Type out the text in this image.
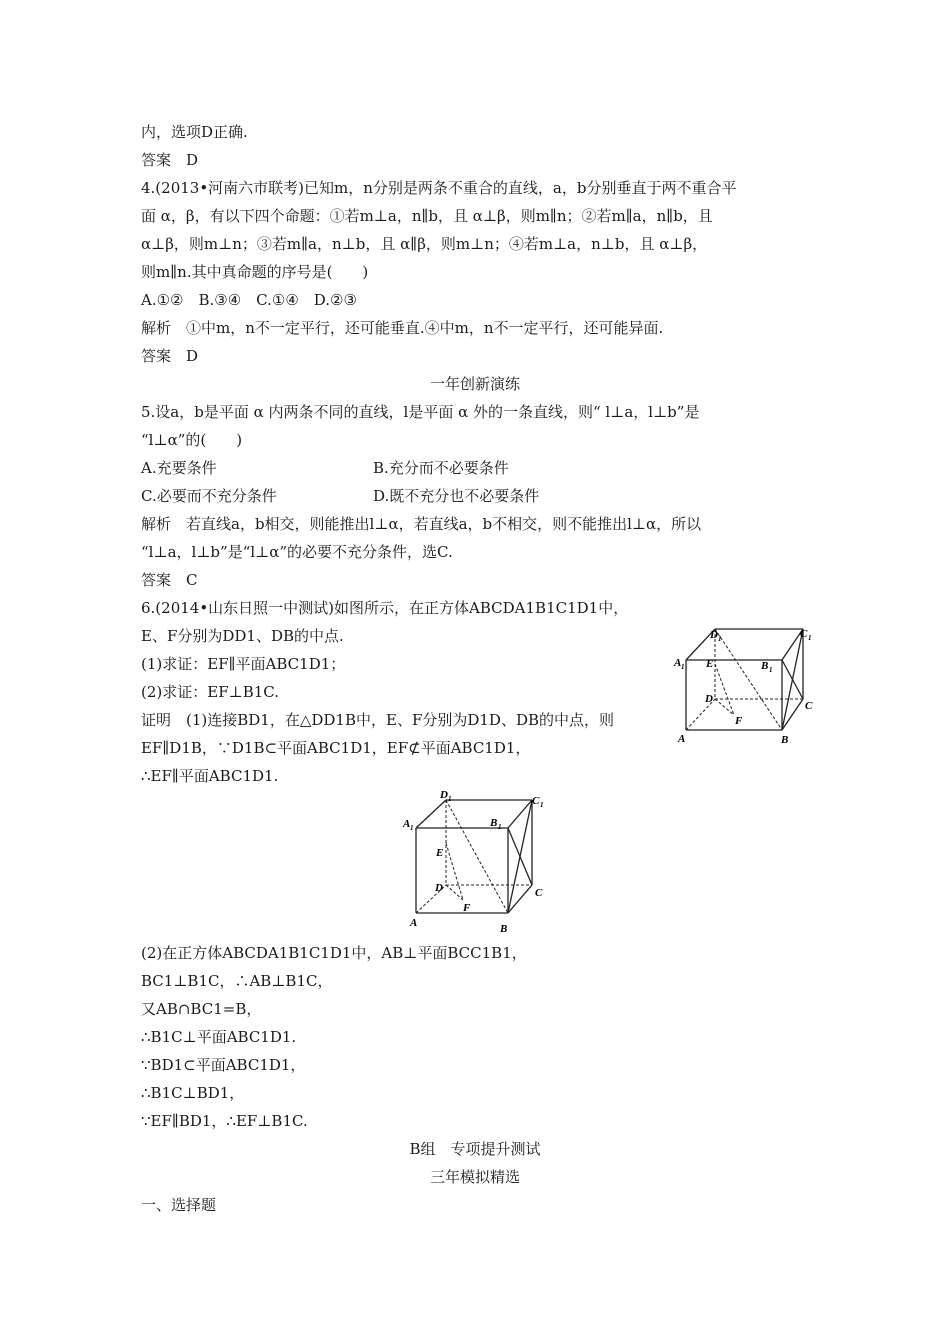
内，选项D正确.
答案　D
4.(2013•河南六市联考)已知m，n分别是两条不重合的直线，a，b分别垂直于两不重合平
面 α，β，有以下四个命题：①若m⊥a，n∥b，且 α⊥β，则m∥n；②若m∥a，n∥b，且
α⊥β，则m⊥n；③若m∥a，n⊥b，且 α∥β，则m⊥n；④若m⊥a，n⊥b，且 α⊥β，
则m∥n.其中真命题的序号是(　　)
A.①②　B.③④　C.①④　D.②③
解析　①中m，n不一定平行，还可能垂直.④中m，n不一定平行，还可能异面.
答案　D
一年创新演练
5.设a，b是平面 α 内两条不同的直线，l是平面 α 外的一条直线，则“ l⊥a，l⊥b”是
“l⊥α”的(　　)
A.充要条件	B.充分而不必要条件
C.必要而不充分条件	D.既不充分也不必要条件
解析　若直线a，b相交，则能推出l⊥α，若直线a，b不相交，则不能推出l⊥α，所以
“l⊥a，l⊥b”是“l⊥α”的必要不充分条件，选C.
答案　C
6.(2014•山东日照一中测试)如图所示，在正方体ABCDA1B1C1D1中，
E、F分别为DD1、DB的中点.
(1)求证：EF∥平面ABC1D1；
(2)求证：EF⊥B1C.
证明　(1)连接BD1，在△DD1B中，E、F分别为D1D、DB的中点，则
EF∥D1B，∵D1B⊂平面ABC1D1，EF⊄平面ABC1D1，
∴EF∥平面ABC1D1.
D 1	C 1
A 1	B 1
E
D
C
F
A	B
D 1	C 1
A 1	B 1
E
D	C
F
A	B
(2)在正方体ABCDA1B1C1D1中，AB⊥平面BCC1B1，
BC1⊥B1C，∴AB⊥B1C，
又AB∩BC1=B，
∴B1C⊥平面ABC1D1.
∵BD1⊂平面ABC1D1，
∴B1C⊥BD1，
∵EF∥BD1，∴EF⊥B1C.
B组　专项提升测试
三年模拟精选
一、选择题
